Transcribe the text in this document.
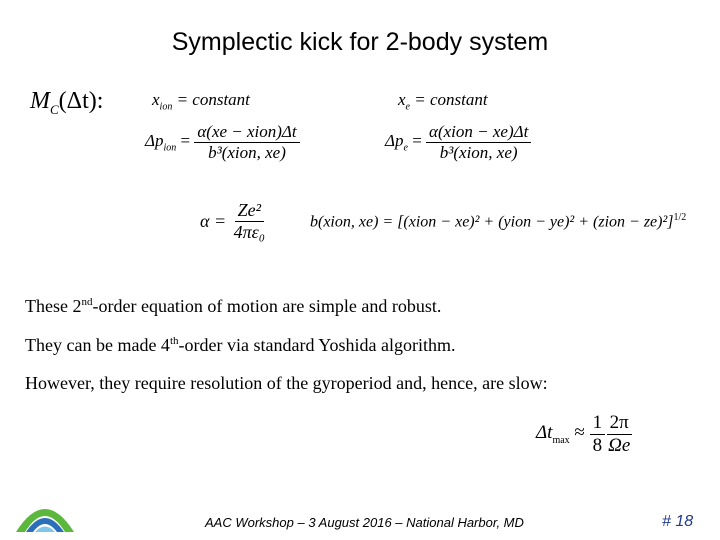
Symplectic kick for 2-body system
$M_C(\Delta t)$:	$x_{ion}$ = constant	$x_e$ = constant
$\Delta p_{ion} = \frac{\text{α(xe − xion)Δt}}{\text{b³(xion, xe)}}$	$\Delta p_e = \frac{\text{α(xion − xe)Δt}}{\text{b³(xion, xe)}}$
$\alpha = \frac{\text{Ze²}}{\text{4πε₀}}$	b(xion, xe) = [(xion − xe)² + (yion − ye)² + (zion − ze)²]$^{1/2}$
These 2nd-order equation of motion are simple and robust.
They can be made 4th-order via standard Yoshida algorithm.
However, they require resolution of the gyroperiod and, hence, are slow:
$\Delta t_{max} \approx \frac{1}{8} \frac{2\pi}{\Omega e}$
AAC Workshop – 3 August 2016 – National Harbor, MD	# 18
